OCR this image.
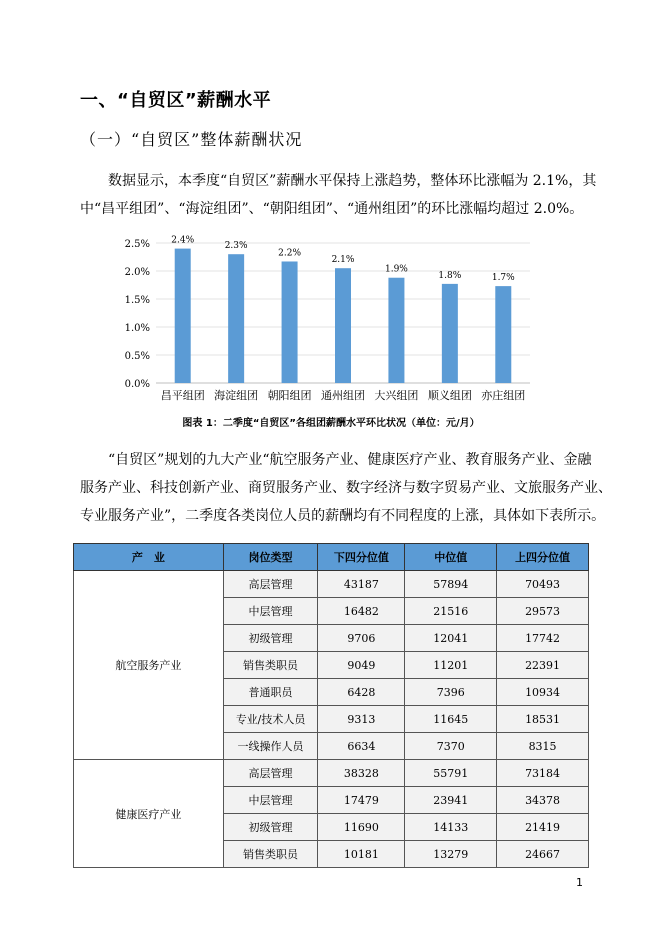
一、“自贸区”薪酬水平
（一）“自贸区”整体薪酬状况
数据显示，本季度“自贸区”薪酬水平保持上涨趋势，整体环比涨幅为 2.1%，其
中“昌平组团”、“海淀组团”、“朝阳组团”、“通州组团”的环比涨幅均超过 2.0%。
0.0%
0.5%
1.0%
1.5%
2.0%
2.5% 2.4%
2.3%
2.2%
2.1%
1.9%
1.8%	1.7%
昌平组团 海淀组团 朝阳组团 通州组团 大兴组团 顺义组团 亦庄组团
图表 1：二季度“自贸区”各组团薪酬水平环比状况（单位：元/月）
“自贸区”规划的九大产业“航空服务产业、健康医疗产业、教育服务产业、金融
服务产业、科技创新产业、商贸服务产业、数字经济与数字贸易产业、文旅服务产业、
专业服务产业”，二季度各类岗位人员的薪酬均有不同程度的上涨，具体如下表所示。
产　业	岗位类型	下四分位值	中位值	上四分位值
航空服务产业	高层管理	43187	57894	70493
	中层管理	16482	21516	29573
	初级管理	9706	12041	17742
	销售类职员	9049	11201	22391
	普通职员	6428	7396	10934
	专业/技术人员	9313	11645	18531
	一线操作人员	6634	7370	8315
健康医疗产业	高层管理	38328	55791	73184
	中层管理	17479	23941	34378
	初级管理	11690	14133	21419
	销售类职员	10181	13279	24667
1
